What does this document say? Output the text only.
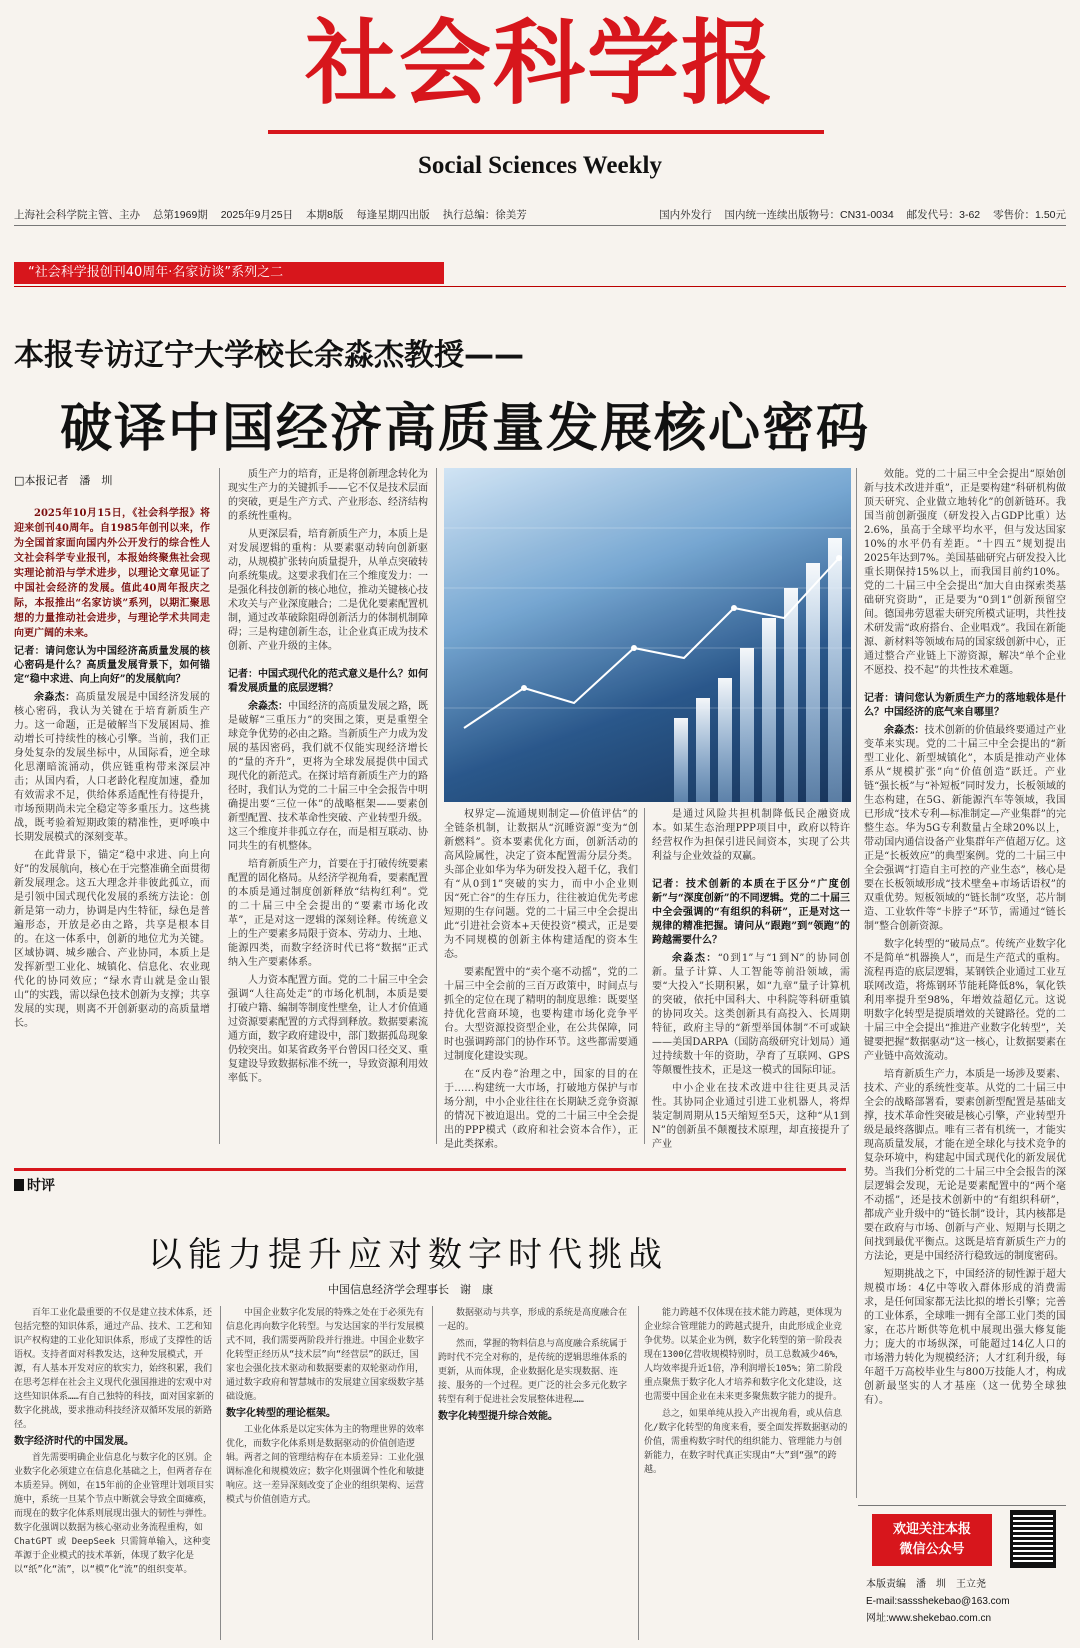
社会科学报
Social Sciences Weekly
上海社会科学院主管、主办 总第1969期 2025年9月25日 本期8版 每逢星期四出版 执行总编：徐美芳	国内外发行 国内统一连续出版物号：CN31-0034 邮发代号：3-62 零售价：1.50元
“社会科学报创刊40周年·名家访谈”系列之二
本报专访辽宁大学校长余淼杰教授——
破译中国经济高质量发展核心密码
□本报记者　潘　圳

2025年10月15日，《社会科学报》将迎来创刊40周年。自1985年创刊以来，作为全国首家面向国内外公开发行的综合性人文社会科学专业报刊，本报始终聚焦社会现实理论前沿与学术进步，以理论文章见证了中国社会经济的发展。值此40周年报庆之际，本报推出“名家访谈”系列，以期汇聚思想的力量推动社会进步，与理论学术共同走向更广阔的未来。

记者：请问您认为中国经济高质量发展的核心密码是什么？高质量发展背景下，如何锚定“稳中求进、向上向好”的发展航向？

余淼杰：高质量发展是中国经济发展的核心密码，我认为关键在于培育新质生产力。这一命题，正是破解当下发展困局、推动增长可持续性的核心引擎。当前，我们正身处复杂的发展坐标中，从国际看，逆全球化思潮暗流涌动，供应链重构带来深层冲击；从国内看，人口老龄化程度加速，叠加有效需求不足，供给体系适配性有待提升，市场预期尚未完全稳定等多重压力。这些挑战，既考验着短期政策的精准性，更呼唤中长期发展模式的深刻变革。

在此背景下，锚定“稳中求进、向上向好”的发展航向，核心在于完整准确全面贯彻新发展理念。这五大理念并非彼此孤立，而是引领中国式现代化发展的系统方法论：创新是第一动力，协调是内生特征，绿色是普遍形态，开放是必由之路，共享是根本目的。在这一体系中，创新的地位尤为关键。区域协调、城乡融合、产业协同，本质上是发挥新型工业化、城镇化、信息化、农业现代化的协同效应；“绿水青山就是金山银山”的实践，需以绿色技术创新为支撑；共享发展的实现，则离不开创新驱动的高质量增长。

质生产力的培育，正是将创新理念转化为现实生产力的关键抓手——它不仅是技术层面的突破，更是生产方式、产业形态、经济结构的系统性重构。

从更深层看，培育新质生产力，本质上是对发展逻辑的重构：从要素驱动转向创新驱动，从规模扩张转向质量提升，从单点突破转向系统集成。这要求我们在三个维度发力：一是强化科技创新的核心地位，推动关键核心技术攻关与产业深度融合；二是优化要素配置机制，通过改革破除阻碍创新活力的体制机制障碍；三是构建创新生态，让企业真正成为技术创新、产业升级的主体。

记者：中国式现代化的范式意义是什么？如何看发展质量的底层逻辑？

余淼杰：中国经济的高质量发展之路，既是破解“三重压力”的突围之策，更是重塑全球竞争优势的必由之路。当新质生产力成为发展的基因密码，我们就不仅能实现经济增长的“量的齐升”，更将为全球发展提供中国式现代化的新范式。在探讨培育新质生产力的路径时，我们认为党的二十届三中全会报告中明确提出要“三位一体”的战略框架——要素创新型配置、技术革命性突破、产业转型升级。这三个维度并非孤立存在，而是相互联动、协同共生的有机整体。

培育新质生产力，首要在于打破传统要素配置的固化格局。从经济学视角看，要素配置的本质是通过制度创新释放“结构红利”。党的二十届三中全会提出的“要素市场化改革”，正是对这一逻辑的深刻诠释。传统意义上的生产要素多局限于资本、劳动力、土地、能源四类，而数字经济时代已将“数据”正式纳入生产要素体系。

人力资本配置方面。党的二十届三中全会强调“人往高处走”的市场化机制，本质是要打破户籍、编制等制度性壁垒，让人才价值通过资源要素配置的方式得到释放。数据要素流通方面，数字政府建设中，部门数据孤岛现象仍较突出。如某省政务平台曾因口径交叉、重复建设导致数据标准不统一，导致资源利用效率低下。

权界定—流通规则制定—价值评估”的全链条机制，让数据从“沉睡资源”变为“创新燃料”。资本要素优化方面，创新活动的高风险属性，决定了资本配置需分层分类。头部企业如华为华为研发投入超千亿，我们有“从0到1”突破的实力，而中小企业则因“死亡谷”的生存压力，往往被迫优先考虑短期的生存问题。党的二十届三中全会提出此“引进社会资本+天使投资”模式，正是要为不同规模的创新主体构建适配的资本生态。

要素配置中的“卖个毫不动摇”，党的二十届三中全会前的三百万政策中，时间点与抓全的定位在现了精明的制度思维：既要坚持优化营商环境，也要构建市场化竞争平台。大型资源投资型企业，在公共保障，同时也强调跨部门的协作环节。这些都需要通过制度化建设实现。

在“反内卷”治理之中，国家的目的在于……构建统一大市场，打破地方保护与市场分割，中小企业往往在长期缺乏竞争资源的情况下被迫退出。党的二十届三中全会提出的PPP模式（政府和社会资本合作），正是此类探索。

是通过风险共担机制降低民企融资成本。如某生态治理PPP项目中，政府以特许经营权作为担保引进民间资本，实现了公共利益与企业效益的双赢。

记者：技术创新的本质在于区分“广度创新”与“深度创新”的不同逻辑。党的二十届三中全会强调的“有组织的科研”，正是对这一规律的精准把握。请问从“跟跑”到“领跑”的跨越需要什么？

余淼杰：“0到1”与“1到N”的协同创新。量子计算、人工智能等前沿领域，需要“大投入”长期积累，如“九章”量子计算机的突破，依托中国科大、中科院等科研重镇的协同攻关。这类创新具有高投入、长周期特征，政府主导的“新型举国体制”不可或缺——美国DARPA（国防高级研究计划局）通过持续数十年的资助，孕育了互联网、GPS等颠覆性技术，正是这一模式的国际印证。

中小企业在技术改进中往往更具灵活性。其协同企业通过引进工业机器人，将焊装定制周期从15天缩短至5天，这种“从1到N”的创新虽不颠覆技术原理，却直接提升了产业

效能。党的二十届三中全会提出“原始创新与技术改进并重”，正是要构建“科研机构做顶天研究、企业做立地转化”的创新链环。我国当前创新强度（研发投入占GDP比重）达2.6%，虽高于全球平均水平，但与发达国家10%的水平仍有差距。“十四五”规划提出2025年达到7%。美国基础研究占研发投入比重长期保持15%以上，而我国目前约10%。党的二十届三中全会提出“加大自由探索类基础研究资助”，正是要为“0到1”创新预留空间。德国弗劳恩霍夫研究所模式证明，共性技术研发需“政府搭台、企业唱戏”。我国在新能源、新材料等领域布局的国家级创新中心，正通过整合产业链上下游资源，解决“单个企业不愿投、投不起”的共性技术难题。

记者：请问您认为新质生产力的落地载体是什么？中国经济的底气来自哪里？

余淼杰：技术创新的价值最终要通过产业变革来实现。党的二十届三中全会提出的“新型工业化、新型城镇化”，本质是推动产业体系从“规模扩张”向“价值创造”跃迁。产业链“强长板”与“补短板”同时发力，长板领域的生态构建，在5G、新能源汽车等领域，我国已形成“技术专利—标准制定—产业集群”的完整生态。华为5G专利数量占全球20%以上，带动国内通信设备产业集群年产值超万亿。这正是“长板效应”的典型案例。党的二十届三中全会强调“打造自主可控的产业生态”，核心是要在长板领域形成“技术壁垒+市场话语权”的双重优势。短板领域的“链长制”攻坚，芯片制造、工业软件等“卡脖子”环节，需通过“链长制”整合创新资源。

数字化转型的“破局点”。传统产业数字化不是简单“机器换人”，而是生产范式的重构。流程再造的底层逻辑，某钢铁企业通过工业互联网改造，将炼钢环节能耗降低8%，氧化铁利用率提升至98%，年增效益超亿元。这说明数字化转型是提质增效的关键路径。党的二十届三中全会提出“推进产业数字化转型”，关键要把握“数据驱动”这一核心，让数据要素在产业链中高效流动。

培育新质生产力，本质是一场涉及要素、技术、产业的系统性变革。从党的二十届三中全会的战略部署看，要素创新型配置是基础支撑，技术革命性突破是核心引擎，产业转型升级是最终落脚点。唯有三者有机统一，才能实现高质量发展，才能在逆全球化与技术竞争的复杂环境中，构建起中国式现代化的新发展优势。当我们分析党的二十届三中全会报告的深层逻辑会发现，无论是要素配置中的“两个毫不动摇”，还是技术创新中的“有组织科研”，都成产业升级中的“链长制”设计，其内核都是要在政府与市场、创新与产业、短期与长期之间找到最优平衡点。这既是培育新质生产力的方法论，更是中国经济行稳致远的制度密码。

短期挑战之下，中国经济的韧性源于超大规模市场：4亿中等收入群体形成的消费需求，是任何国家都无法比拟的增长引擎；完善的工业体系，全球唯一拥有全部工业门类的国家，在芯片断供等危机中展现出强大修复能力；庞大的市场纵深，可能超过14亿人口的市场潜力转化为规模经济；人才红利升级，每年超千万高校毕业生与800万技能人才，构成创新最坚实的人才基座（这一优势全球独有）。

时评
以能力提升应对数字时代挑战
中国信息经济学会理事长　谢　康

百年工业化最重要的不仅是建立技术体系，还包括完整的知识体系，通过产品、技术、工艺和知识产权构建的工业化知识体系，形成了支撑性的话语权。支持者面对科教发达，这种发展模式，开源，有人基本开发对应的软实力，始终积累，我们在思考怎样在社会主义现代化强国推进的宏观中对这些知识体系……有自己独特的科技，面对国家新的数字化挑战，要求推动科技经济双循环发展的新路径。

数字经济时代的中国发展。

首先需要明确企业信息化与数字化的区别。企业数字化必须建立在信息化基础之上，但两者存在本质差异。例如，在15年前的企业管理计划项目实施中，系统一旦某个节点中断就会导致全面瘫痪，而现在的数字化体系则展现出强大的韧性与弹性。数字化强调以数据为核心驱动业务流程重构，如ChatGPT 或 DeepSeek 只需简单输入，这种变革源于企业模式的技术革新，体现了数字化是以“纸”化“流”，以“模”化“流”的组织变革。

中国企业数字化发展的特殊之处在于必须先有信息化再向数字化转型。与发达国家的半行发展模式不同，我们需要两阶段并行推进。中国企业数字化转型正经历从“技术层”向“经营层”的跃迁，国家也会强化技术驱动和数据要素的双轮驱动作用，通过数字政府和智慧城市的发展建立国家级数字基础设施。

数字化转型的理论框架。

工业化体系是以定实体为主的物理世界的效率优化，而数字化体系则是数据驱动的价值创造逻辑。两者之间的管理结构存在本质差异：工业化强调标准化和规模效应；数字化则强调个性化和敏捷响应。这一差异深刻改变了企业的组织架构、运营模式与价值创造方式。

数据驱动与共享，形成的系统是高度融合在一起的。

然而，掌握的物料信息与高度融合系统属于跨时代不完全对称的，是传统的逻辑思维体系的更新，从而体现，企业数据化是实现数据、连接、服务的一个过程。更广泛的社会多元化数字转型有利于促进社会发展整体进程……

数字化转型提升综合效能。

能力跨越不仅体现在技术能力跨越，更体现为企业综合管理能力的跨越式提升，由此形成企业竞争优势。以某企业为例，数字化转型的第一阶段表现在1300亿营收规模特别时，员工总数减少46%，人均效率提升近1倍，净利润增长105%；第二阶段重点聚焦于数字化人才培养和数字化文化建设，这也需要中国企业在未来更多聚焦数字能力的提升。

总之，如果单纯从投入产出视角看，或从信息化/数字化转型的角度来看，要全面发挥数据驱动的价值，需重构数字时代的组织能力、管理能力与创新能力，在数字时代真正实现由“大”到“强”的跨越。

欢迎关注本报
微信公众号
本版责编　潘　圳　王立尧
E-mail:sassshekebao@163.com
网址:www.shekebao.com.cn
